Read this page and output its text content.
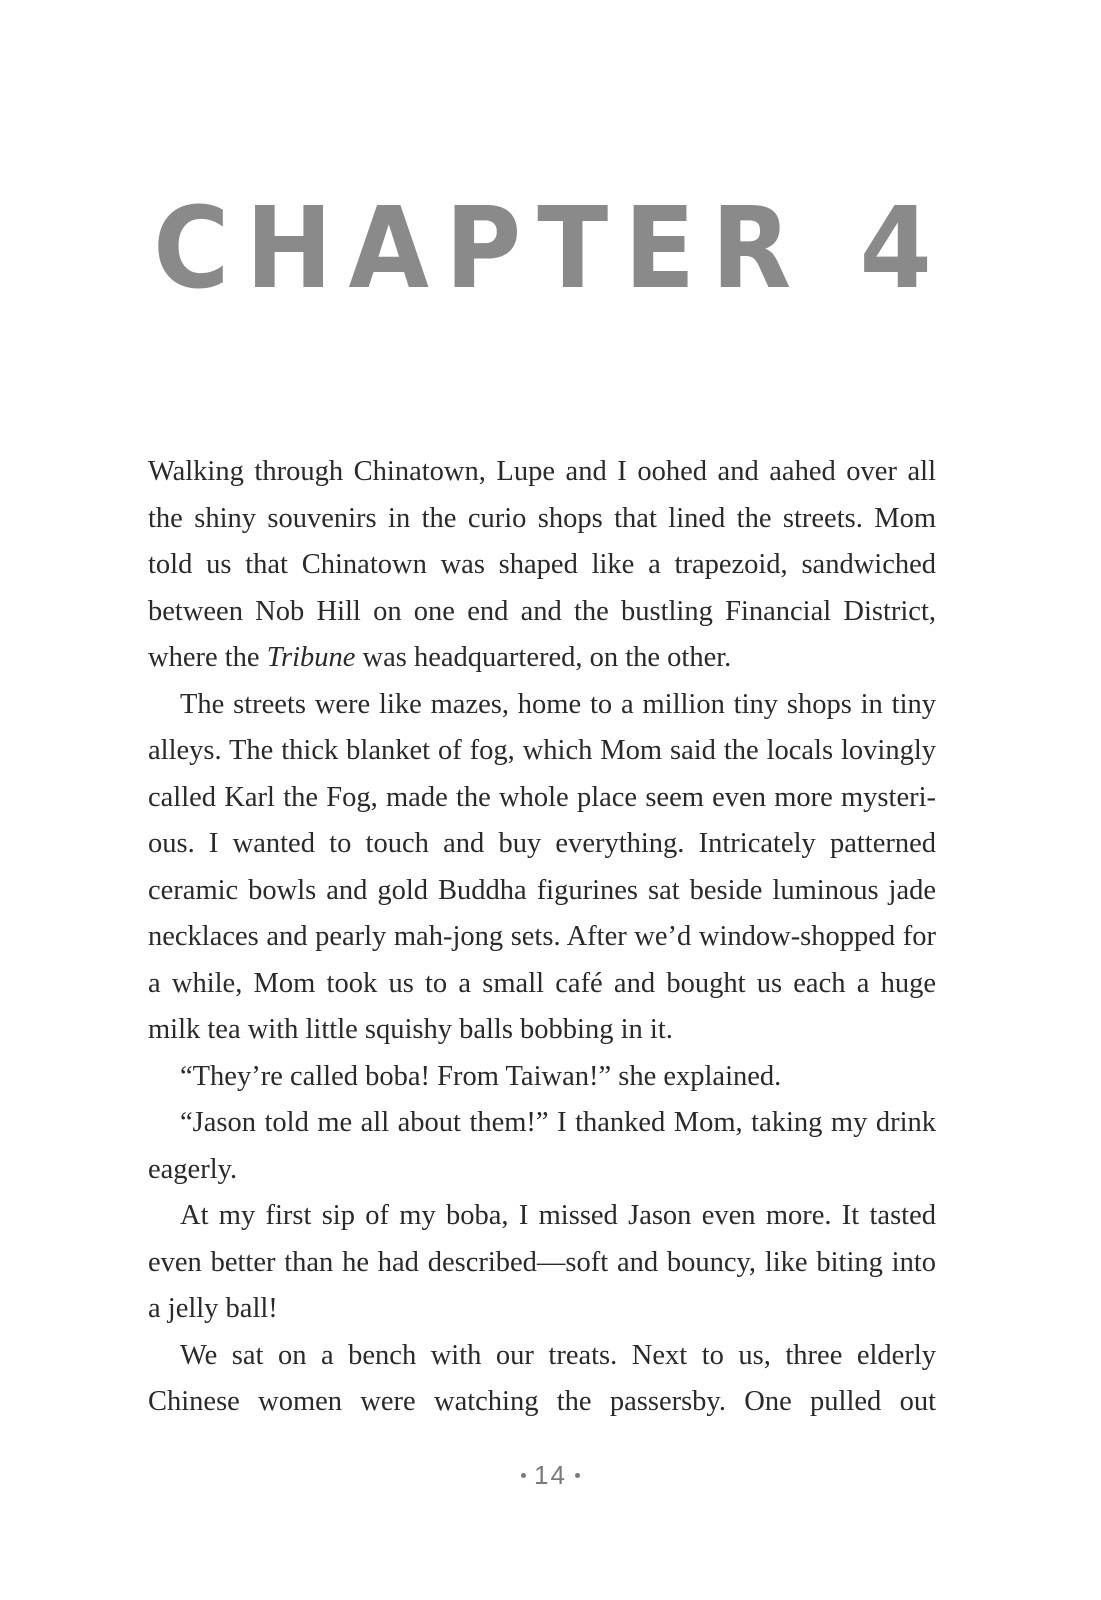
CHAPTER 4

Walking through Chinatown, Lupe and I oohed and aahed over all the shiny souvenirs in the curio shops that lined the streets. Mom told us that Chinatown was shaped like a trapezoid, sandwiched between Nob Hill on one end and the bustling Financial District, where the Tribune was headquartered, on the other.

The streets were like mazes, home to a million tiny shops in tiny alleys. The thick blanket of fog, which Mom said the locals lovingly called Karl the Fog, made the whole place seem even more mysteri-ous. I wanted to touch and buy everything. Intricately patterned ceramic bowls and gold Buddha figurines sat beside luminous jade necklaces and pearly mah-jong sets. After we’d window-shopped for a while, Mom took us to a small café and bought us each a huge milk tea with little squishy balls bobbing in it.

“They’re called boba! From Taiwan!” she explained.

“Jason told me all about them!” I thanked Mom, taking my drink eagerly.

At my first sip of my boba, I missed Jason even more. It tasted even better than he had described—soft and bouncy, like biting into a jelly ball!

We sat on a bench with our treats. Next to us, three elderly Chinese women were watching the passersby. One pulled out

14
